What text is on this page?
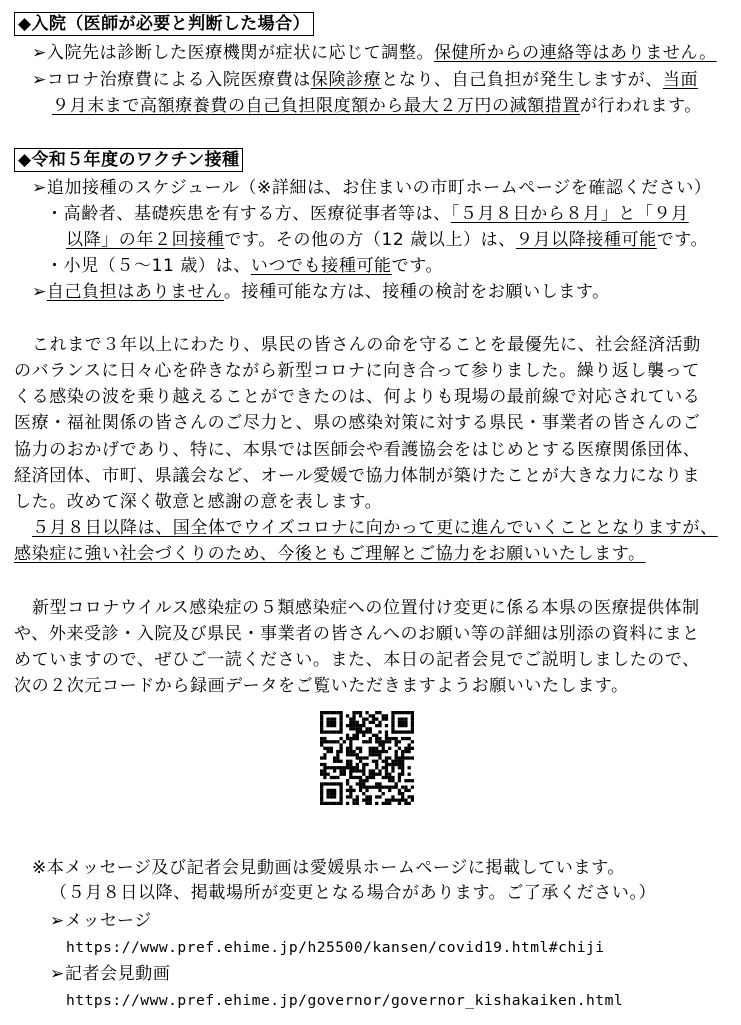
◆入院（医師が必要と判断した場合）
➢入院先は診断した医療機関が症状に応じて調整。保健所からの連絡等はありません。
➢コロナ治療費による入院医療費は保険診療となり、自己負担が発生しますが、当面
９月末まで高額療養費の自己負担限度額から最大２万円の減額措置が行われます。
◆令和５年度のワクチン接種
➢追加接種のスケジュール（※詳細は、お住まいの市町ホームページを確認ください）
・高齢者、基礎疾患を有する方、医療従事者等は、「５月８日から８月」と「９月
以降」の年２回接種です。その他の方（12 歳以上）は、９月以降接種可能です。
・小児（５～11 歳）は、いつでも接種可能です。
➢自己負担はありません。接種可能な方は、接種の検討をお願いします。
これまで３年以上にわたり、県民の皆さんの命を守ることを最優先に、社会経済活動
のバランスに日々心を砕きながら新型コロナに向き合って参りました。繰り返し襲って
くる感染の波を乗り越えることができたのは、何よりも現場の最前線で対応されている
医療・福祉関係の皆さんのご尽力と、県の感染対策に対する県民・事業者の皆さんのご
協力のおかげであり、特に、本県では医師会や看護協会をはじめとする医療関係団体、
経済団体、市町、県議会など、オール愛媛で協力体制が築けたことが大きな力になりま
した。改めて深く敬意と感謝の意を表します。
５月８日以降は、国全体でウイズコロナに向かって更に進んでいくこととなりますが、
感染症に強い社会づくりのため、今後ともご理解とご協力をお願いいたします。
新型コロナウイルス感染症の５類感染症への位置付け変更に係る本県の医療提供体制
や、外来受診・入院及び県民・事業者の皆さんへのお願い等の詳細は別添の資料にまと
めていますので、ぜひご一読ください。また、本日の記者会見でご説明しましたので、
次の２次元コードから録画データをご覧いただきますようお願いいたします。
※本メッセージ及び記者会見動画は愛媛県ホームページに掲載しています。
（５月８日以降、掲載場所が変更となる場合があります。ご了承ください。）
➢メッセージ
https://www.pref.ehime.jp/h25500/kansen/covid19.html#chiji
➢記者会見動画
https://www.pref.ehime.jp/governor/governor_kishakaiken.html
